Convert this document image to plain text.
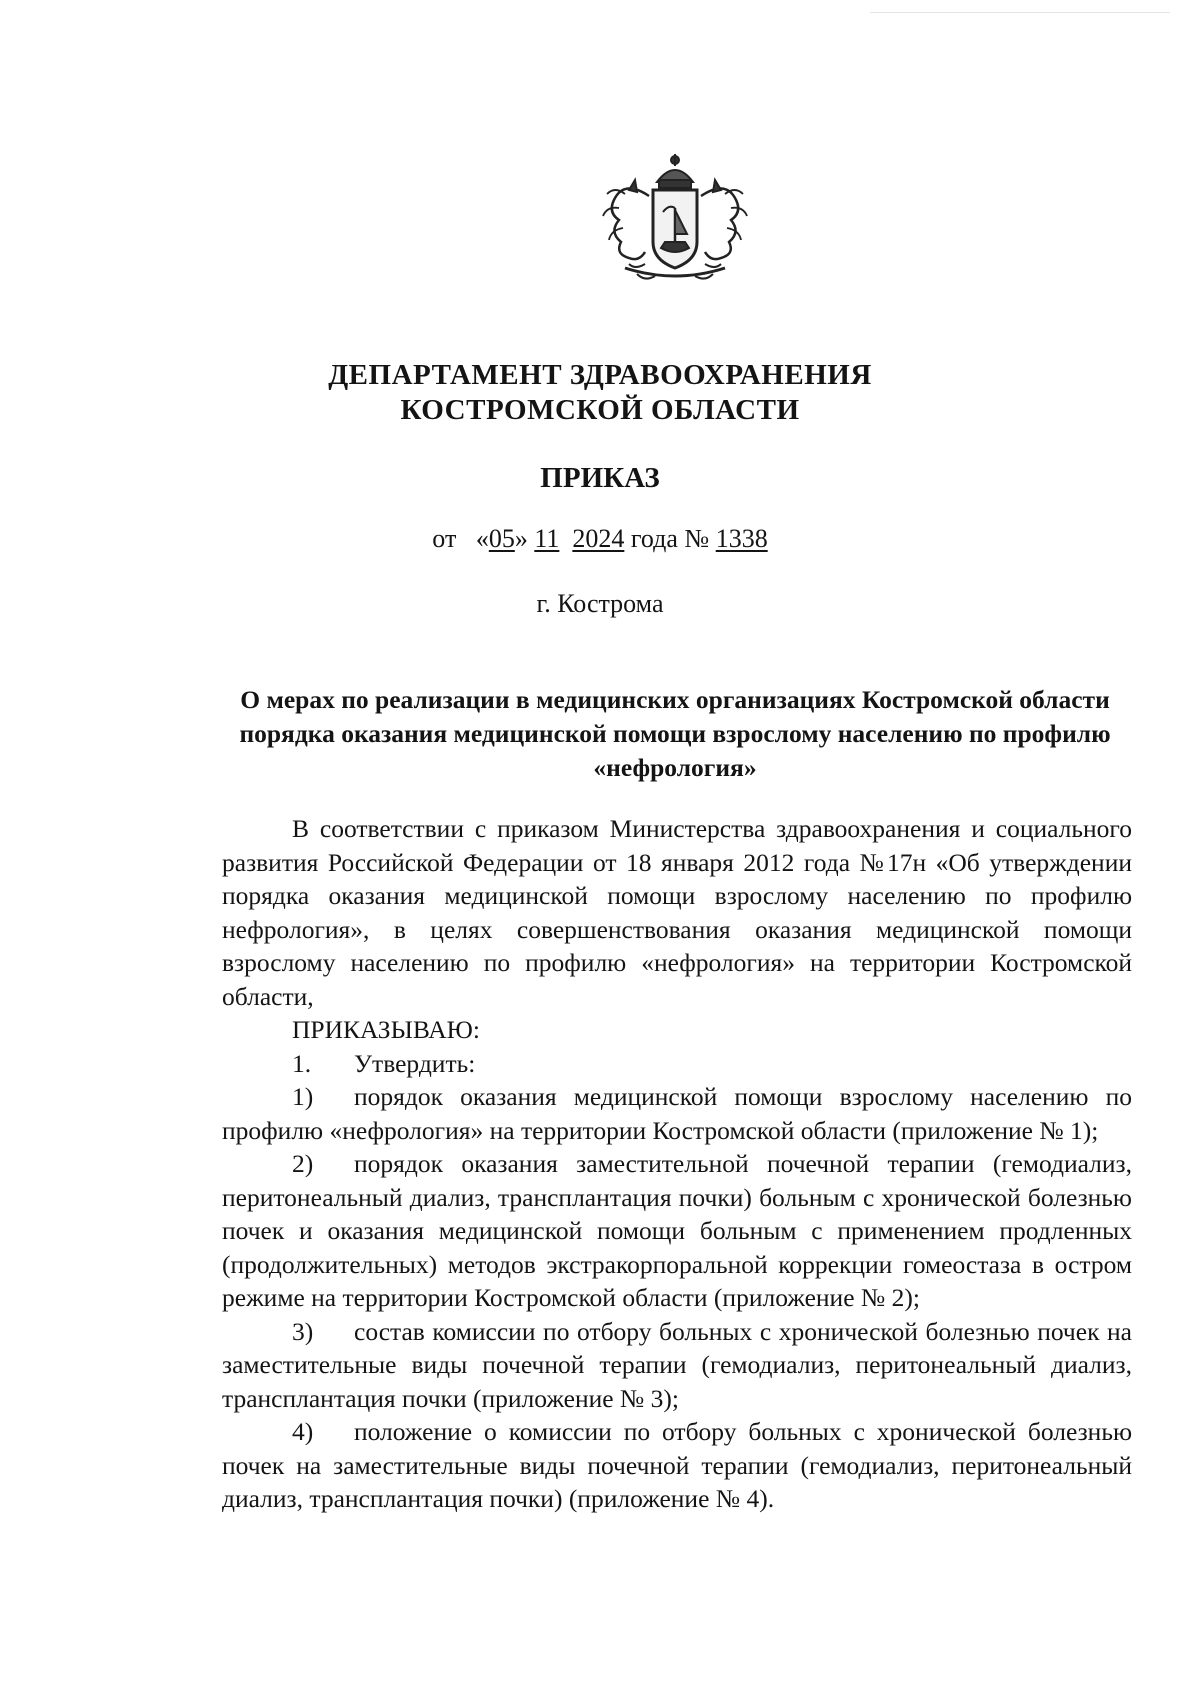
ДЕПАРТАМЕНТ ЗДРАВООХРАНЕНИЯ
КОСТРОМСКОЙ ОБЛАСТИ
ПРИКАЗ
от «05» 11 2024 года № 1338
г. Кострома
О мерах по реализации в медицинских организациях Костромской области порядка оказания медицинской помощи взрослому населению по профилю «нефрология»

В соответствии с приказом Министерства здравоохранения и социального развития Российской Федерации от 18 января 2012 года №17н «Об утверждении порядка оказания медицинской помощи взрослому населению по профилю нефрология», в целях совершенствования оказания медицинской помощи взрослому населению по профилю «нефрология» на территории Костромской области,

ПРИКАЗЫВАЮ:

1. Утвердить:

1) порядок оказания медицинской помощи взрослому населению по профилю «нефрология» на территории Костромской области (приложение № 1);

2) порядок оказания заместительной почечной терапии (гемодиализ, перитонеальный диализ, трансплантация почки) больным с хронической болезнью почек и оказания медицинской помощи больным с применением продленных (продолжительных) методов экстракорпоральной коррекции гомеостаза в остром режиме на территории Костромской области (приложение № 2);

3) состав комиссии по отбору больных с хронической болезнью почек на заместительные виды почечной терапии (гемодиализ, перитонеальный диализ, трансплантация почки (приложение № 3);

4) положение о комиссии по отбору больных с хронической болезнью почек на заместительные виды почечной терапии (гемодиализ, перитонеальный диализ, трансплантация почки) (приложение № 4).
